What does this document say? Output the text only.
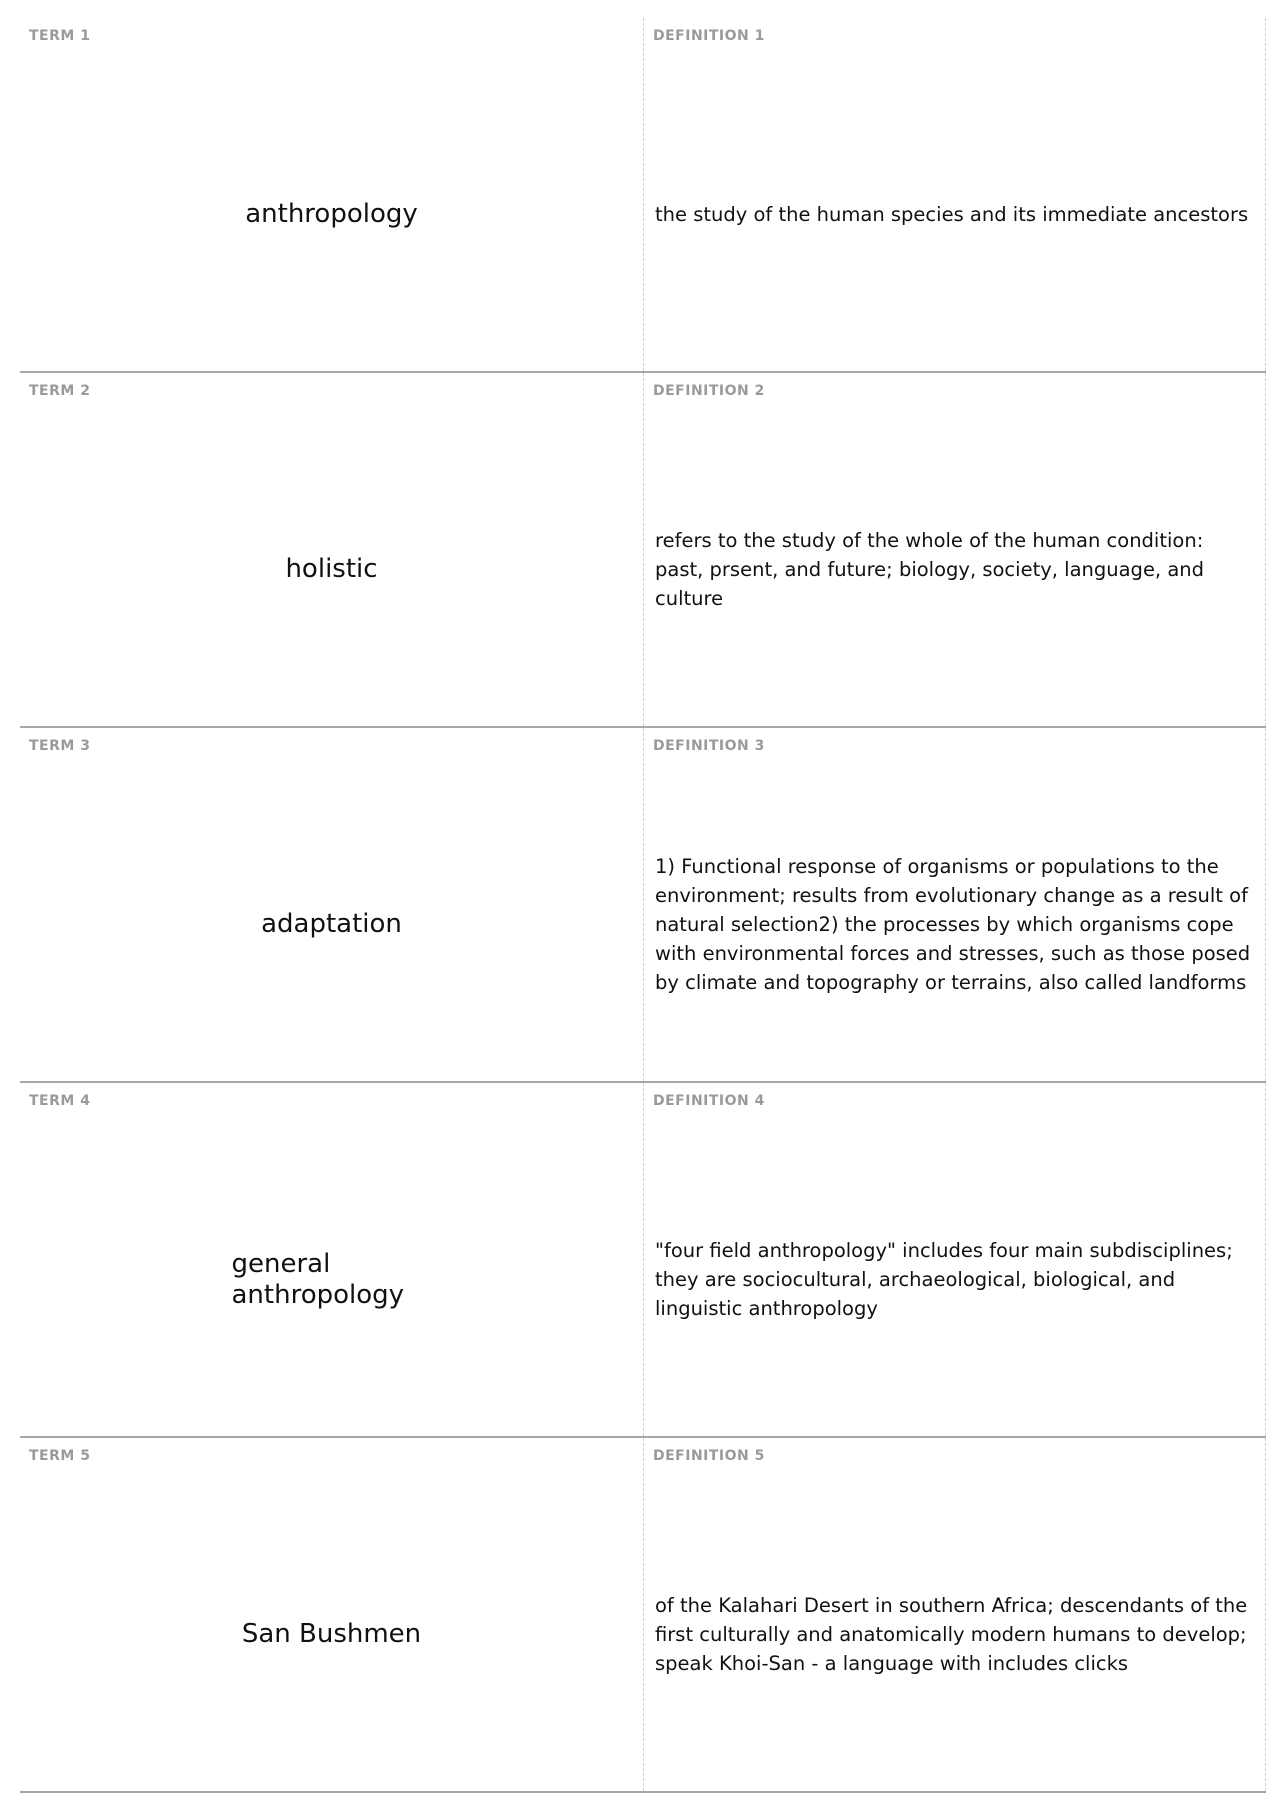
TERM 1
anthropology
DEFINITION 1
the study of the human species and its immediate ancestors
TERM 2
holistic
DEFINITION 2
refers to the study of the whole of the human condition: past, prsent, and future; biology, society, language, and culture
TERM 3
adaptation
DEFINITION 3
1) Functional response of organisms or populations to the environment; results from evolutionary change as a result of natural selection2) the processes by which organisms cope with environmental forces and stresses, such as those posed by climate and topography or terrains, also called landforms
TERM 4
general anthropology
DEFINITION 4
"four field anthropology" includes four main subdisciplines; they are sociocultural, archaeological, biological, and linguistic anthropology
TERM 5
San Bushmen
DEFINITION 5
of the Kalahari Desert in southern Africa; descendants of the first culturally and anatomically modern humans to develop; speak Khoi-San - a language with includes clicks
